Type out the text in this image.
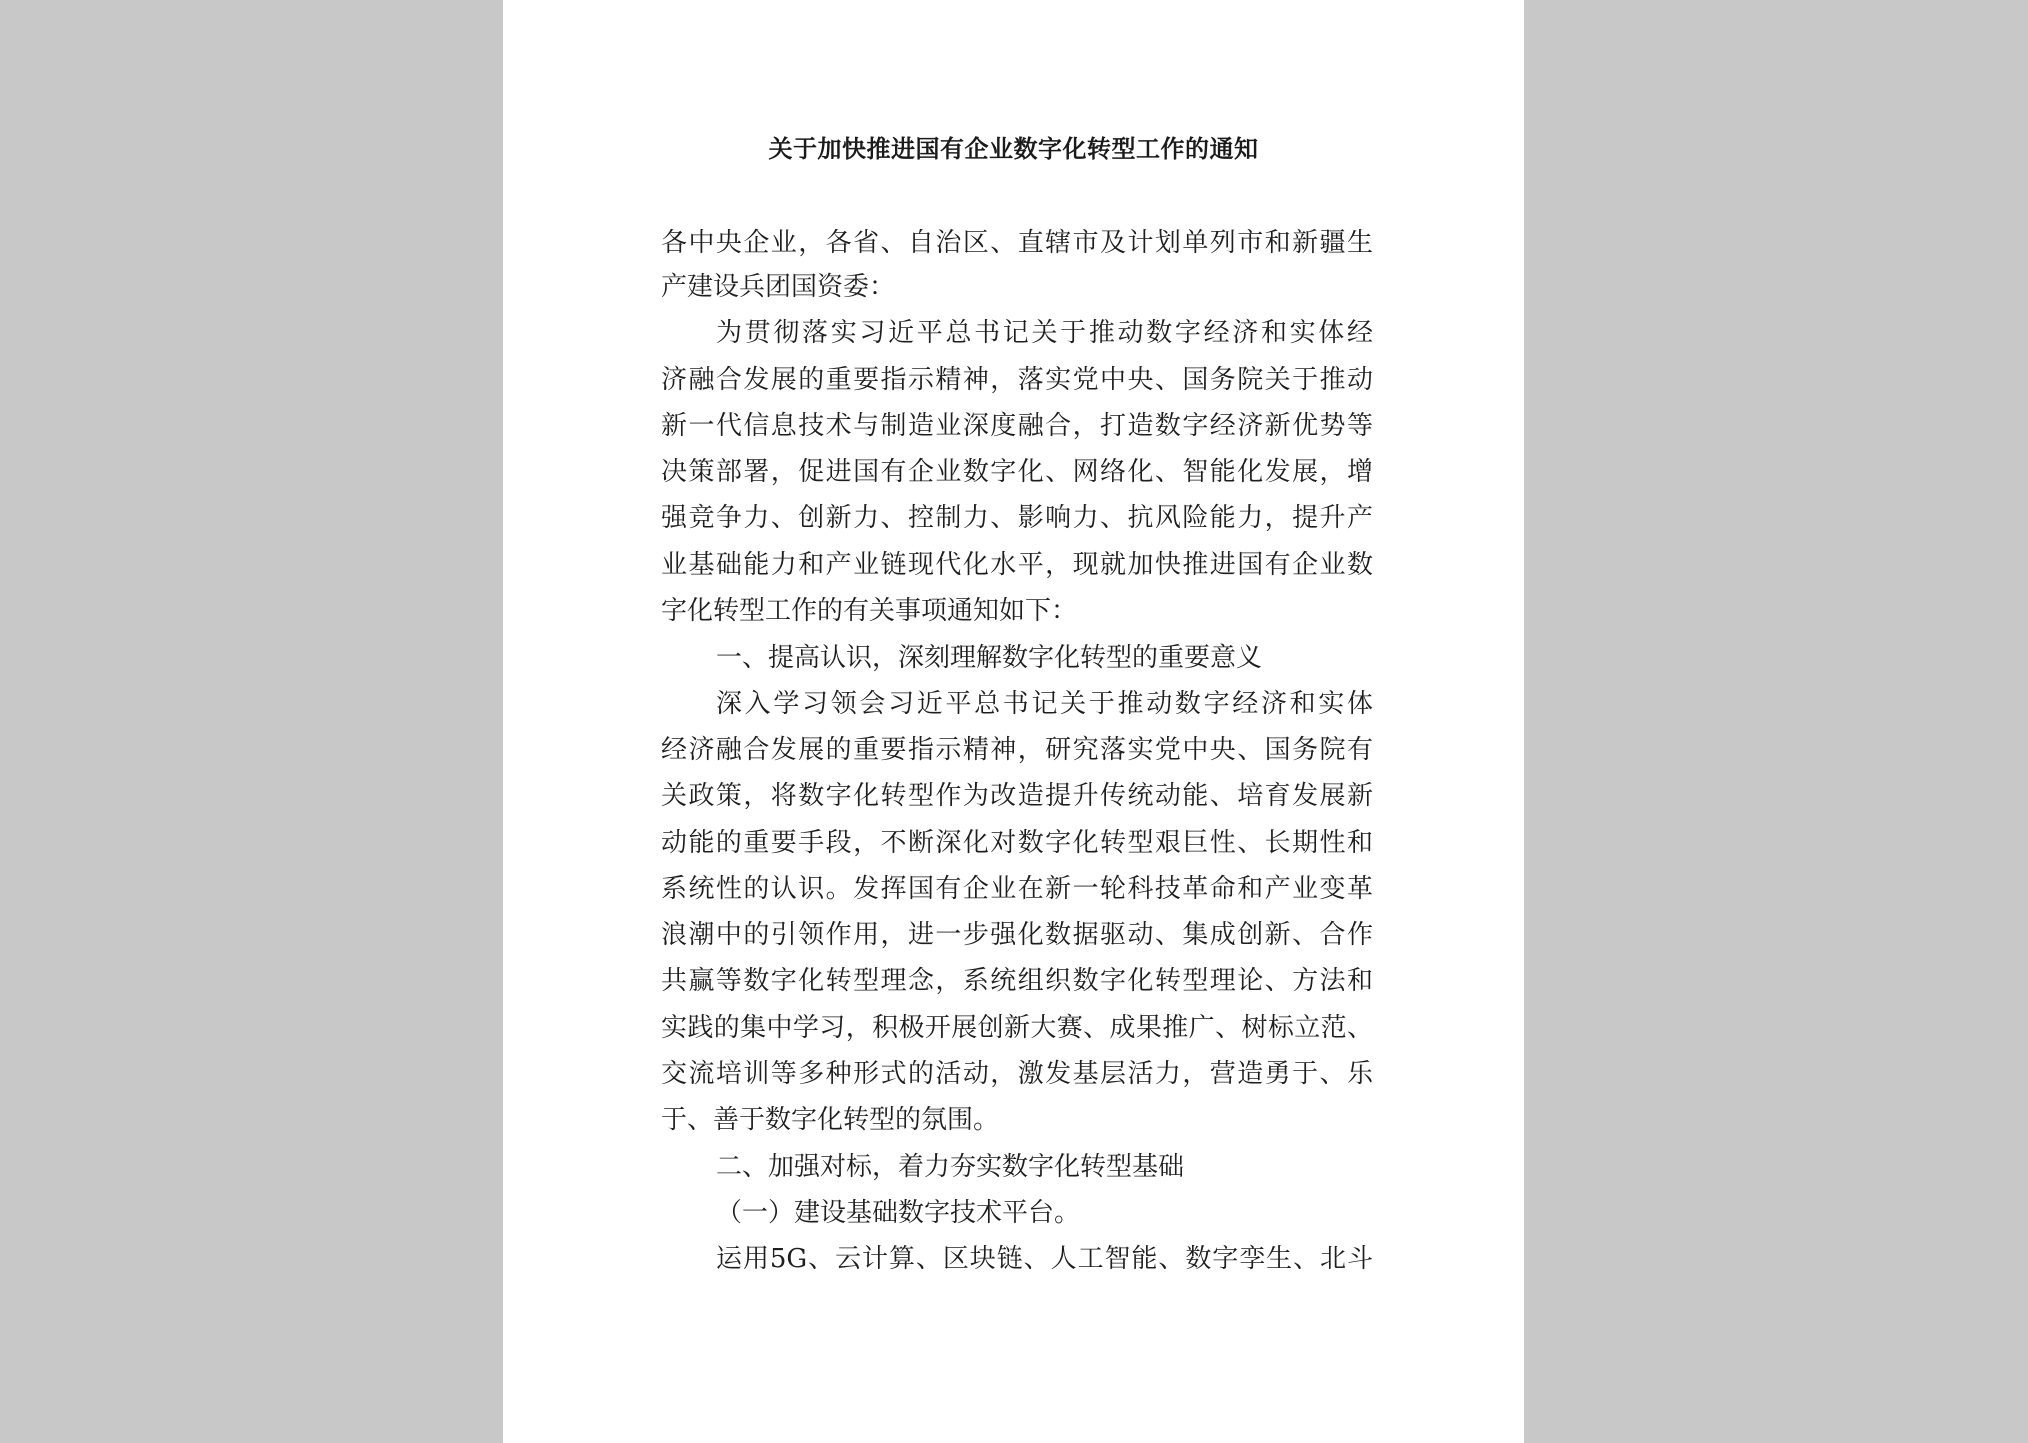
关于加快推进国有企业数字化转型工作的通知
各中央企业，各省、自治区、直辖市及计划单列市和新疆生
产建设兵团国资委：
为贯彻落实习近平总书记关于推动数字经济和实体经
济融合发展的重要指示精神，落实党中央、国务院关于推动
新一代信息技术与制造业深度融合，打造数字经济新优势等
决策部署，促进国有企业数字化、网络化、智能化发展，增
强竞争力、创新力、控制力、影响力、抗风险能力，提升产
业基础能力和产业链现代化水平，现就加快推进国有企业数
字化转型工作的有关事项通知如下：
一、提高认识，深刻理解数字化转型的重要意义
深入学习领会习近平总书记关于推动数字经济和实体
经济融合发展的重要指示精神，研究落实党中央、国务院有
关政策，将数字化转型作为改造提升传统动能、培育发展新
动能的重要手段，不断深化对数字化转型艰巨性、长期性和
系统性的认识。发挥国有企业在新一轮科技革命和产业变革
浪潮中的引领作用，进一步强化数据驱动、集成创新、合作
共赢等数字化转型理念，系统组织数字化转型理论、方法和
实践的集中学习，积极开展创新大赛、成果推广、树标立范、
交流培训等多种形式的活动，激发基层活力，营造勇于、乐
于、善于数字化转型的氛围。
二、加强对标，着力夯实数字化转型基础
（一）建设基础数字技术平台。
运用5G、云计算、区块链、人工智能、数字孪生、北斗
